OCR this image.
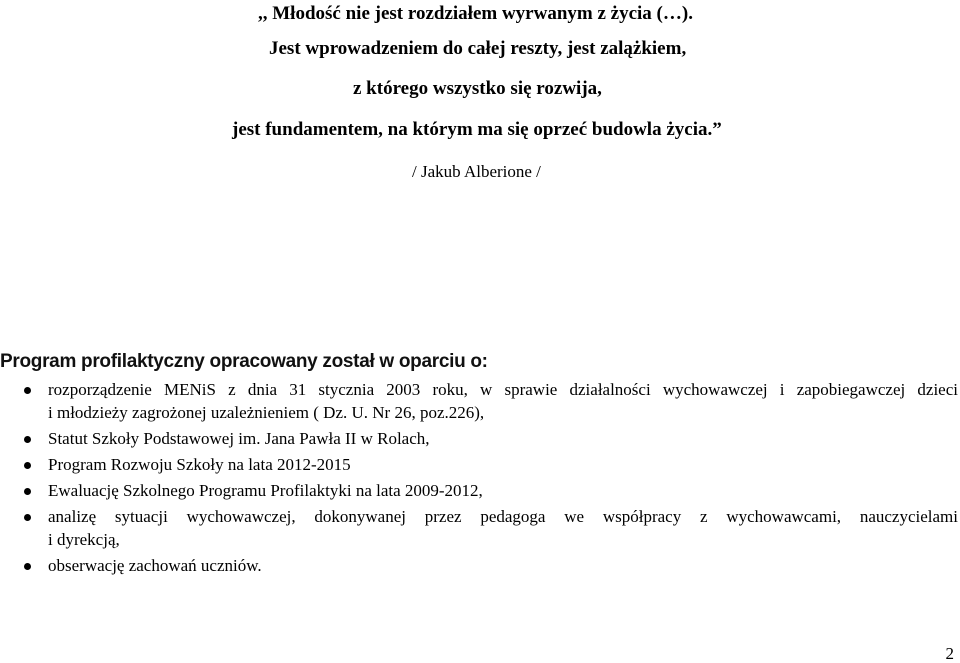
,, Młodość nie jest rozdziałem wyrwanym z życia (…).
Jest wprowadzeniem do całej reszty, jest zalążkiem,
z którego wszystko się rozwija,
jest fundamentem, na którym ma się oprzeć budowla życia.”
/ Jakub Alberione /
Program profilaktyczny opracowany został w oparciu o:
rozporządzenie MENiS z dnia 31 stycznia 2003 roku, w sprawie działalności wychowawczej i zapobiegawczej dzieci
i młodzieży zagrożonej uzależnieniem ( Dz. U. Nr 26, poz.226),
Statut Szkoły Podstawowej im. Jana Pawła II w Rolach,
Program Rozwoju Szkoły na lata 2012-2015
Ewaluację Szkolnego Programu Profilaktyki na lata 2009-2012,
analizę sytuacji wychowawczej, dokonywanej przez pedagoga we współpracy z wychowawcami, nauczycielami
i dyrekcją,
obserwację zachowań uczniów.
2
